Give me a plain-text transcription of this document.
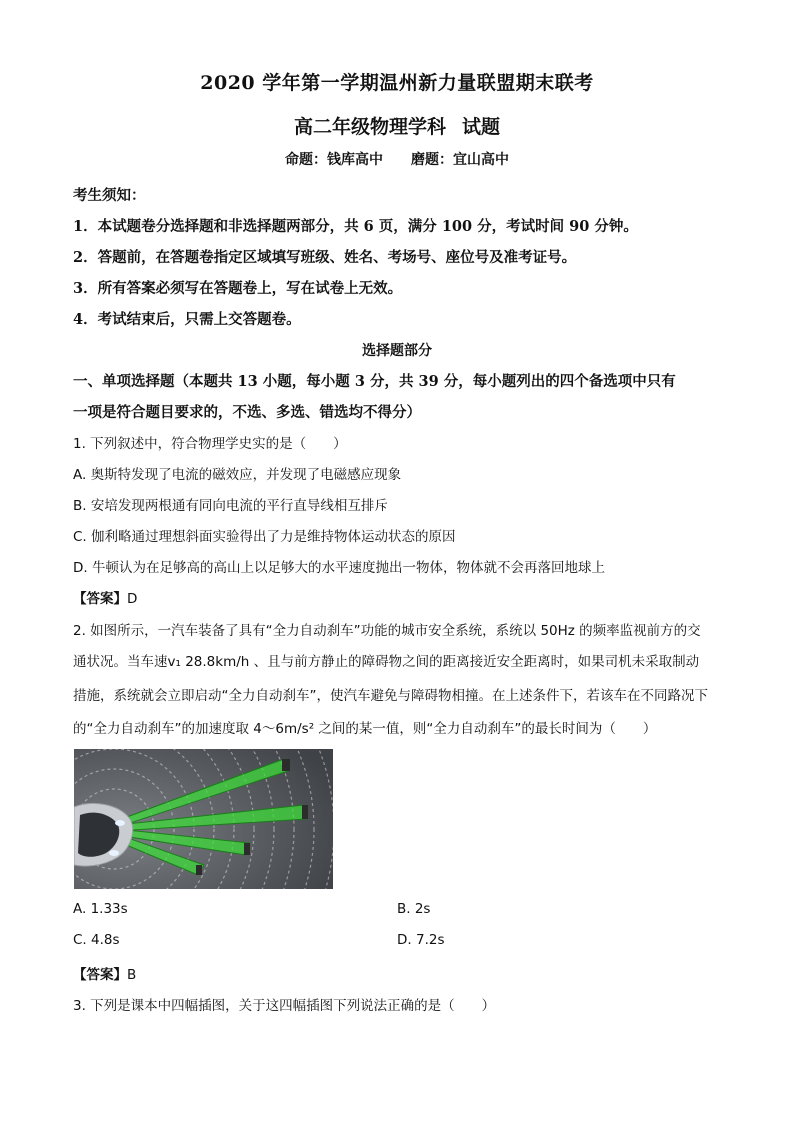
2020 学年第一学期温州新力量联盟期末联考
高二年级物理学科 试题
命题：钱库高中 磨题：宜山高中
考生须知：
1．本试题卷分选择题和非选择题两部分，共 6 页，满分 100 分，考试时间 90 分钟。
2．答题前，在答题卷指定区域填写班级、姓名、考场号、座位号及准考证号。
3．所有答案必须写在答题卷上，写在试卷上无效。
4．考试结束后，只需上交答题卷。
选择题部分
一、单项选择题（本题共 13 小题，每小题 3 分，共 39 分，每小题列出的四个备选项中只有
一项是符合题目要求的，不选、多选、错选均不得分）
1. 下列叙述中，符合物理学史实的是（　　）
A. 奥斯特发现了电流的磁效应，并发现了电磁感应现象
B. 安培发现两根通有同向电流的平行直导线相互排斥
C. 伽利略通过理想斜面实验得出了力是维持物体运动状态的原因
D. 牛顿认为在足够高的高山上以足够大的水平速度抛出一物体，物体就不会再落回地球上
【答案】D
2. 如图所示，一汽车装备了具有“全力自动刹车”功能的城市安全系统，系统以 50Hz 的频率监视前方的交
通状况。当车速v₁ 28.8km/h 、且与前方静止的障碍物之间的距离接近安全距离时，如果司机未采取制动
措施，系统就会立即启动“全力自动刹车”，使汽车避免与障碍物相撞。在上述条件下，若该车在不同路况下
的“全力自动刹车”的加速度取 4～6m/s² 之间的某一值，则“全力自动刹车”的最长时间为（　　）
A. 1.33s	B. 2s
C. 4.8s	D. 7.2s
【答案】B
3. 下列是课本中四幅插图，关于这四幅插图下列说法正确的是（　　）
